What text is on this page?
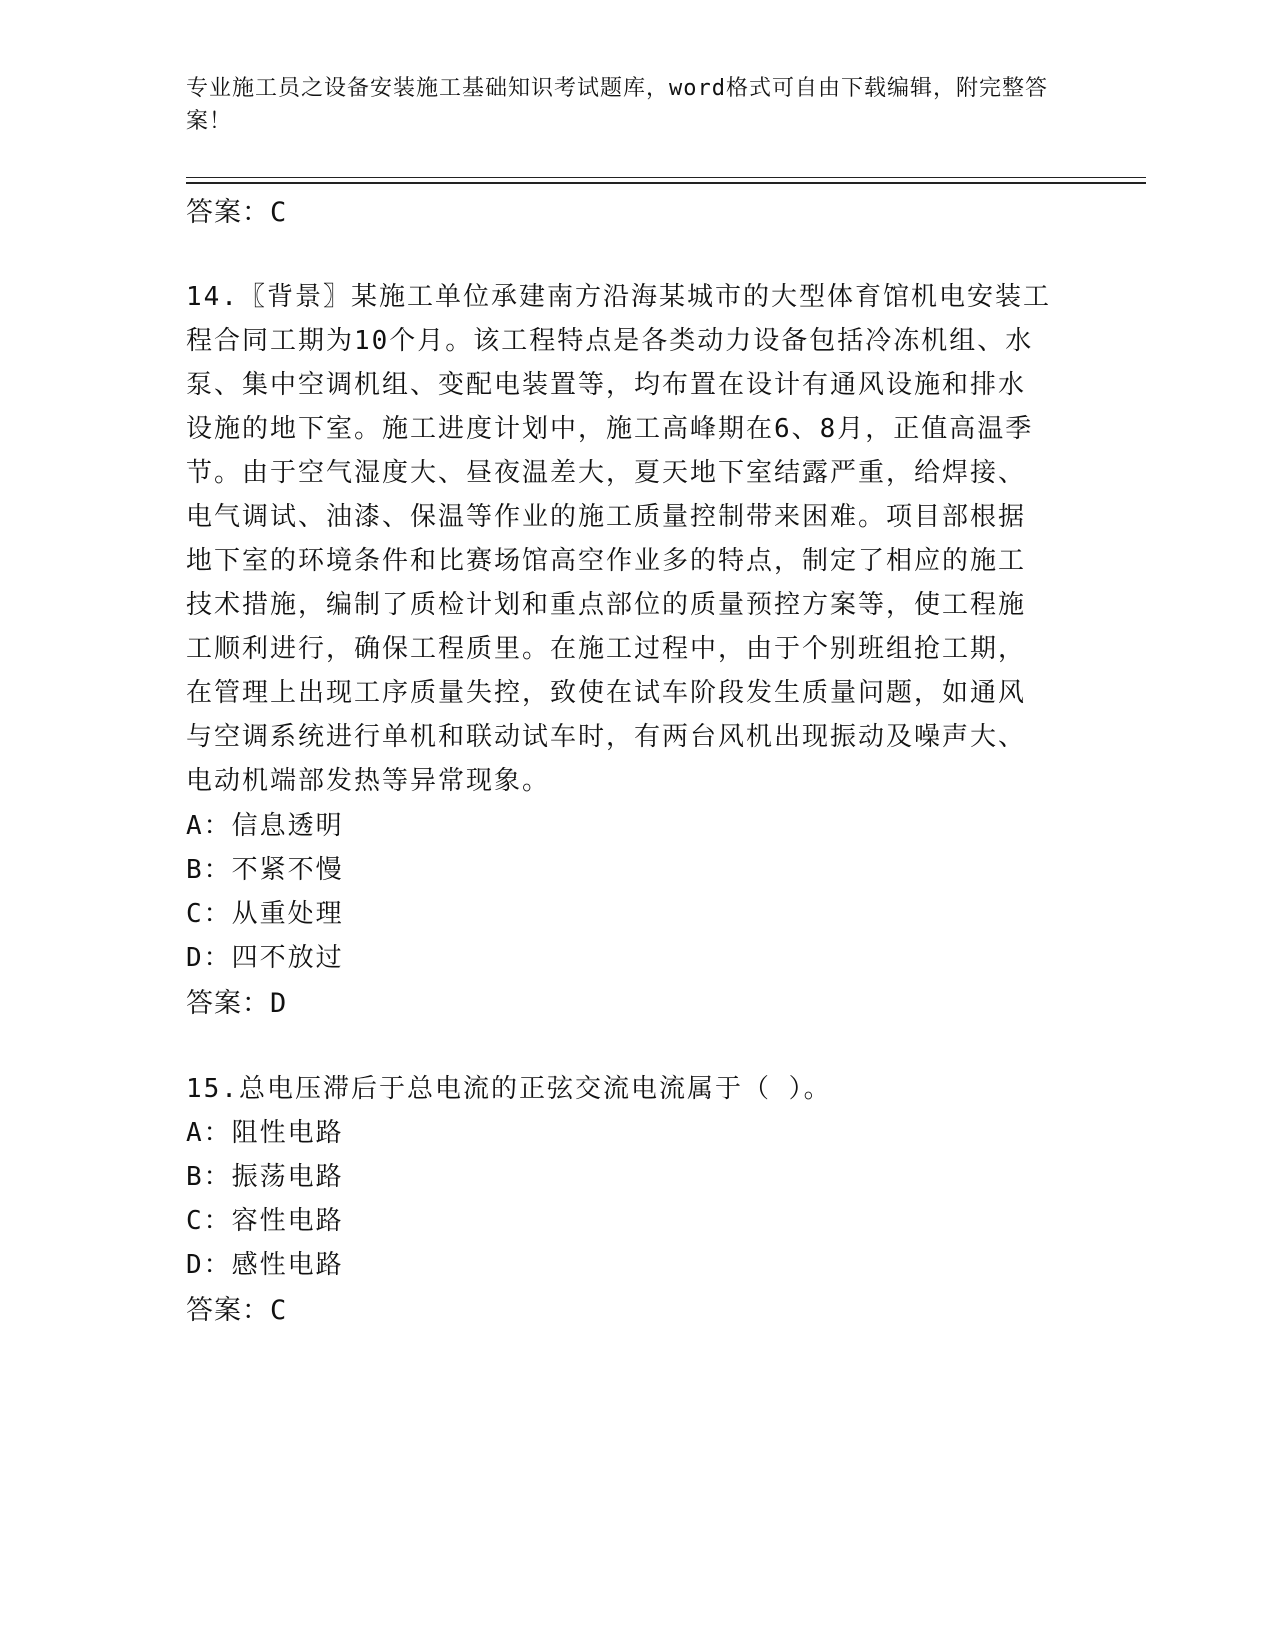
专业施工员之设备安装施工基础知识考试题库，word格式可自由下载编辑，附完整答案！
答案：C
14.〖背景〗某施工单位承建南方沿海某城市的大型体育馆机电安装工
程合同工期为10个月。该工程特点是各类动力设备包括冷冻机组、水
泵、集中空调机组、变配电装置等，均布置在设计有通风设施和排水
设施的地下室。施工进度计划中，施工高峰期在6、8月，正值高温季
节。由于空气湿度大、昼夜温差大，夏天地下室结露严重，给焊接、
电气调试、油漆、保温等作业的施工质量控制带来困难。项目部根据
地下室的环境条件和比赛场馆高空作业多的特点，制定了相应的施工
技术措施，编制了质检计划和重点部位的质量预控方案等，使工程施
工顺利进行，确保工程质里。在施工过程中，由于个别班组抢工期，
在管理上出现工序质量失控，致使在试车阶段发生质量问题，如通风
与空调系统进行单机和联动试车时，有两台风机出现振动及噪声大、
电动机端部发热等异常现象。
A：信息透明
B：不紧不慢
C：从重处理
D：四不放过
答案：D
15.总电压滞后于总电流的正弦交流电流属于（ ）。
A：阻性电路
B：振荡电路
C：容性电路
D：感性电路
答案：C
